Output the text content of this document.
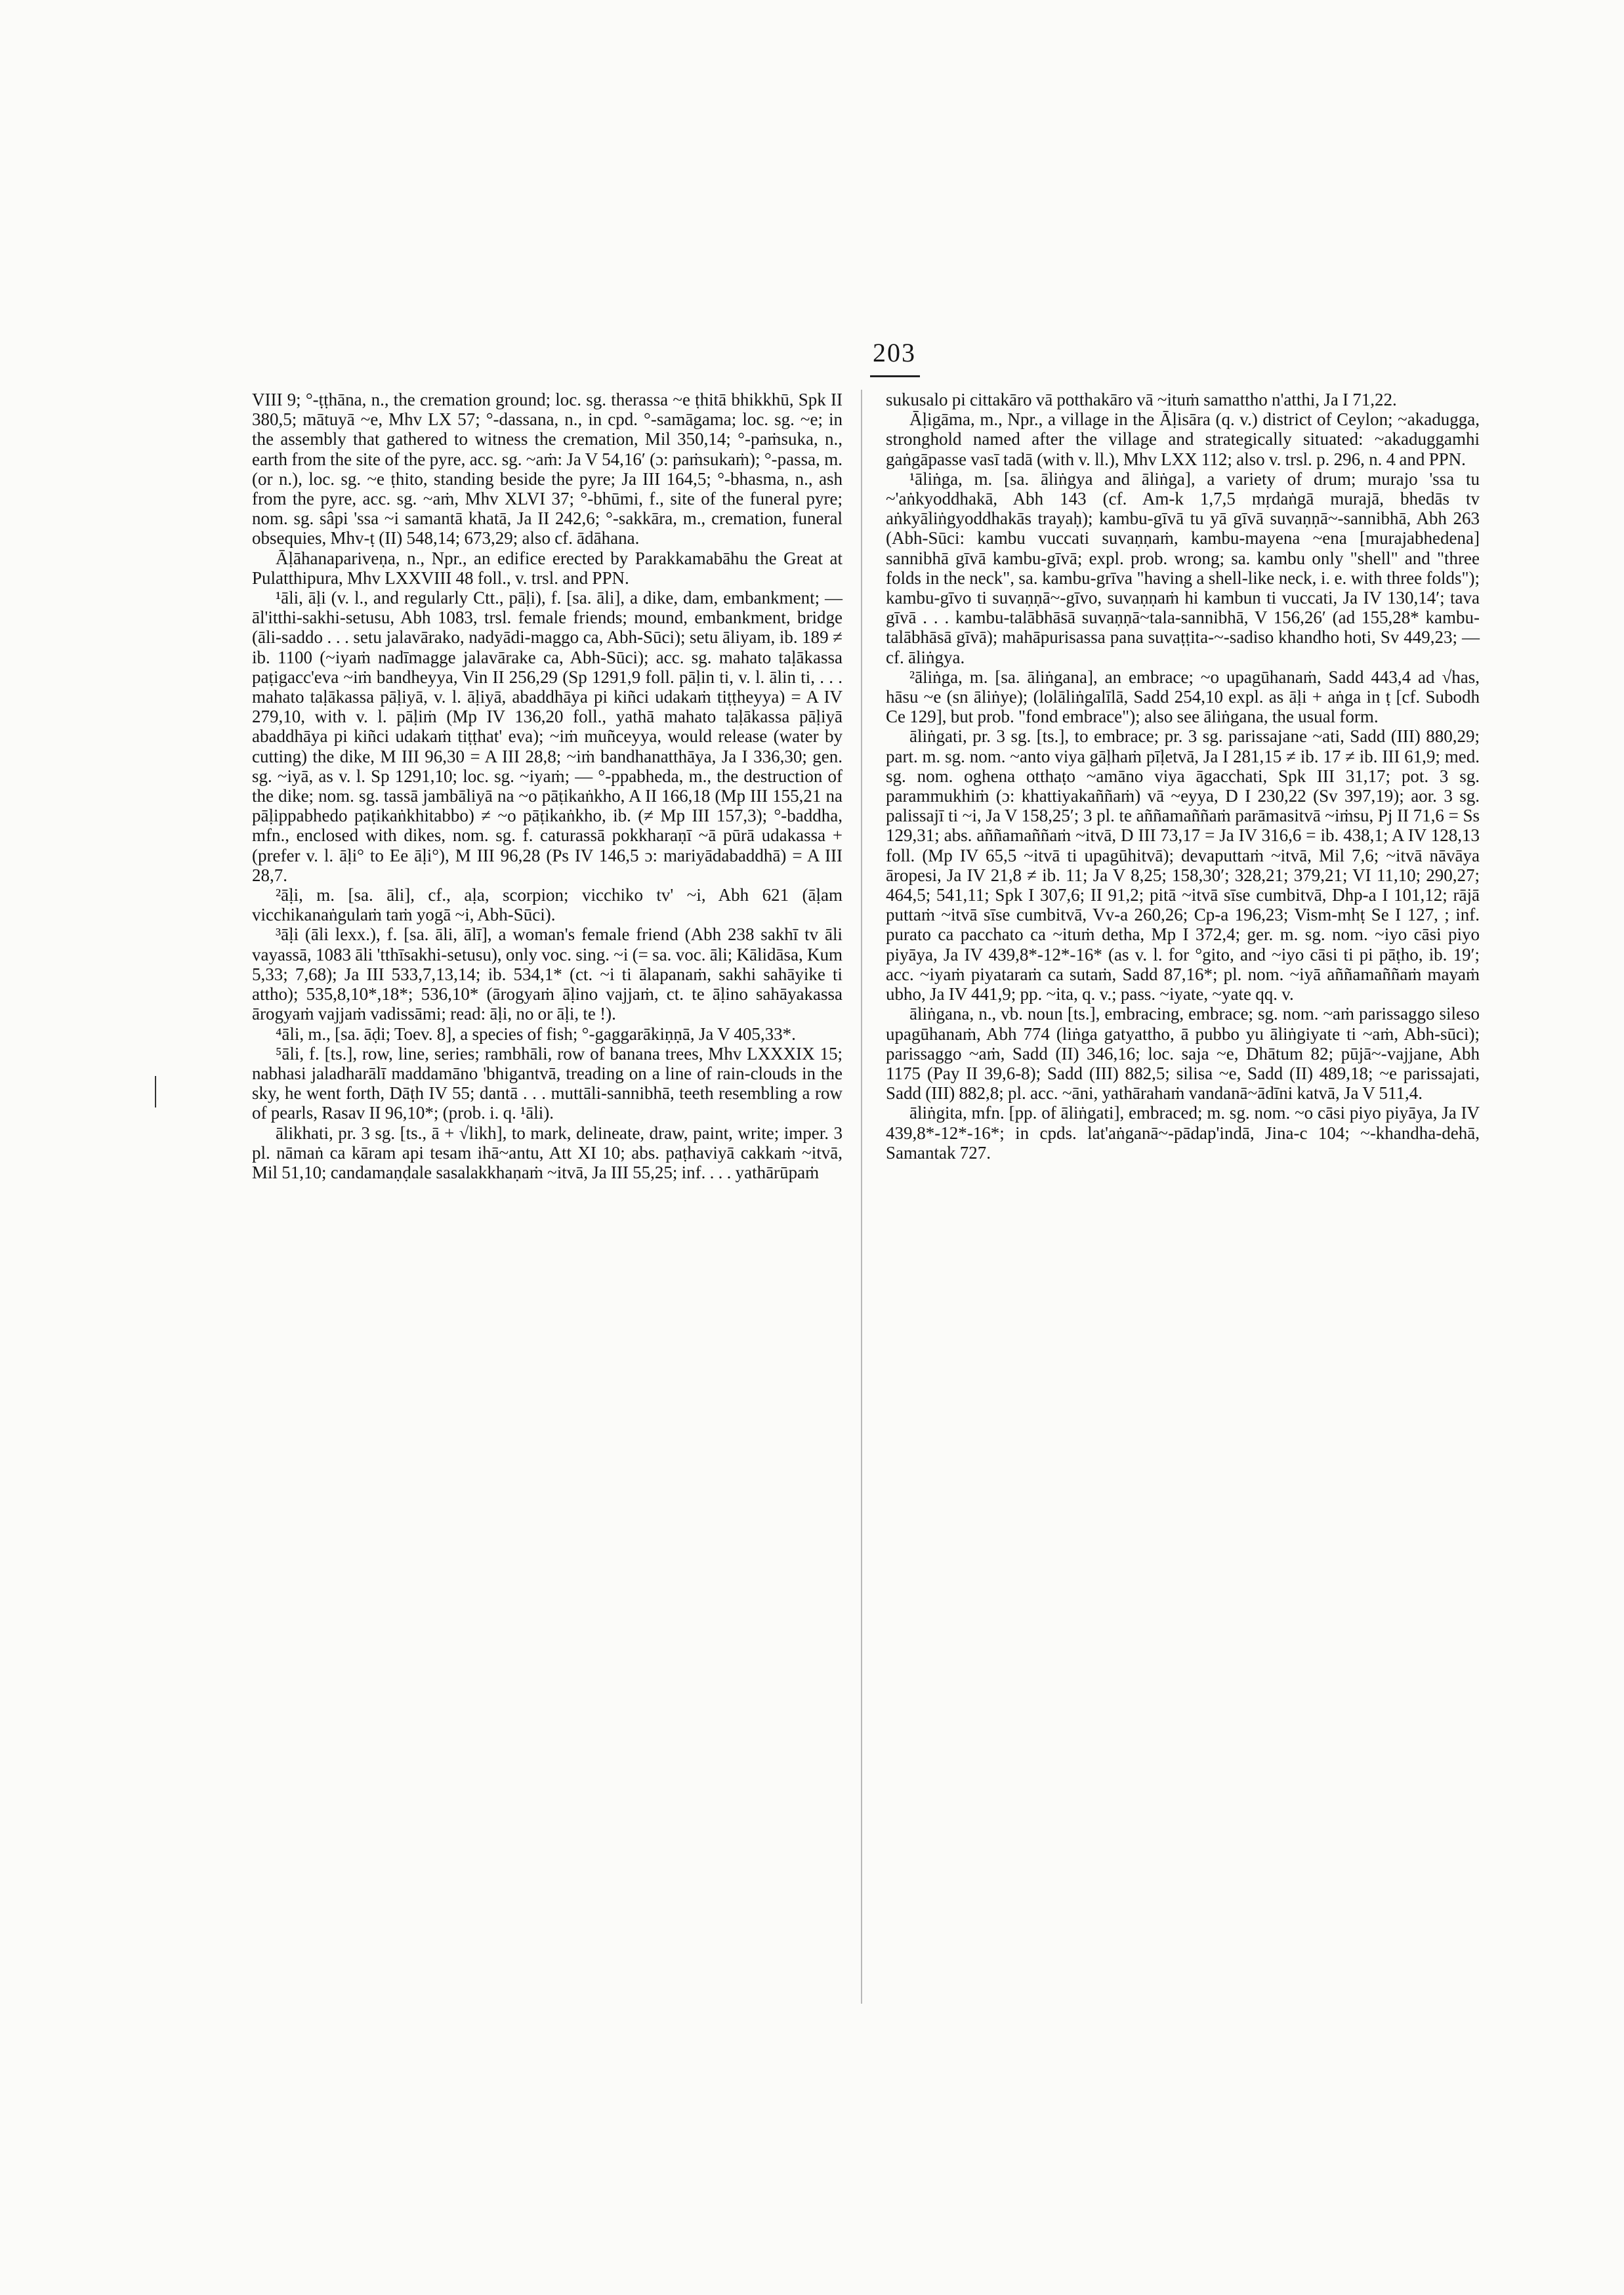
203

VIII 9; °-ṭṭhāna, n., the cremation ground; loc. sg. therassa ~e ṭhitā bhikkhū, Spk II 380,5; mātuyā ~e, Mhv LX 57; °-dassana, n., in cpd. °-samāgama; loc. sg. ~e; in the assembly that gathered to witness the cremation, Mil 350,14; °-paṁsuka, n., earth from the site of the pyre, acc. sg. ~aṁ: Ja V 54,16′ (ɔ: paṁsukaṁ); °-passa, m. (or n.), loc. sg. ~e ṭhito, standing beside the pyre; Ja III 164,5; °-bhasma, n., ash from the pyre, acc. sg. ~aṁ, Mhv XLVI 37; °-bhūmi, f., site of the funeral pyre; nom. sg. sâpi 'ssa ~i samantā khatā, Ja II 242,6; °-sakkāra, m., cremation, funeral obsequies, Mhv-ṭ (II) 548,14; 673,29; also cf. ādāhana.

Āḷāhanapariveṇa, n., Npr., an edifice erected by Parakkamabāhu the Great at Pulatthipura, Mhv LXXVIII 48 foll., v. trsl. and PPN.

¹āli, āḷi (v. l., and regularly Ctt., pāḷi), f. [sa. āli], a dike, dam, embankment; — āl'itthi-sakhi-setusu, Abh 1083, trsl. female friends; mound, embankment, bridge (āli-saddo . . . setu jalavārako, nadyādi-maggo ca, Abh-Sūci); setu āliyam, ib. 189 ≠ ib. 1100 (~iyaṁ nadīmagge jalavārake ca, Abh-Sūci); acc. sg. mahato taḷākassa paṭigacc'eva ~iṁ bandheyya, Vin II 256,29 (Sp 1291,9 foll. pāḷin ti, v. l. ālin ti, . . . mahato taḷākassa pāḷiyā, v. l. āḷiyā, abaddhāya pi kiñci udakaṁ tiṭṭheyya) = A IV 279,10, with v. l. pāḷiṁ (Mp IV 136,20 foll., yathā mahato taḷākassa pāḷiyā abaddhāya pi kiñci udakaṁ tiṭṭhat' eva); ~iṁ muñceyya, would release (water by cutting) the dike, M III 96,30 = A III 28,8; ~iṁ bandhanatthāya, Ja I 336,30; gen. sg. ~iyā, as v. l. Sp 1291,10; loc. sg. ~iyaṁ; — °-ppabheda, m., the destruction of the dike; nom. sg. tassā jambāliyā na ~o pāṭikaṅkho, A II 166,18 (Mp III 155,21 na pāḷippabhedo paṭikaṅkhitabbo) ≠ ~o pāṭikaṅkho, ib. (≠ Mp III 157,3); °-baddha, mfn., enclosed with dikes, nom. sg. f. caturassā pokkharaṇī ~ā pūrā udakassa + (prefer v. l. āḷi° to Ee āḷi°), M III 96,28 (Ps IV 146,5 ɔ: mariyādabaddhā) = A III 28,7.

²āḷi, m. [sa. āli], cf., aḷa, scorpion; vicchiko tv' ~i, Abh 621 (āḷam vicchikanaṅgulaṁ taṁ yogā ~i, Abh-Sūci).

³āḷi (āli lexx.), f. [sa. āli, ālī], a woman's female friend (Abh 238 sakhī tv āli vayassā, 1083 āli 'tthīsakhi-setusu), only voc. sing. ~i (= sa. voc. āli; Kālidāsa, Kum 5,33; 7,68); Ja III 533,7,13,14; ib. 534,1* (ct. ~i ti ālapanaṁ, sakhi sahāyike ti attho); 535,8,10*,18*; 536,10* (ārogyaṁ āḷino vajjaṁ, ct. te āḷino sahāyakassa ārogyaṁ vajjaṁ vadissāmi; read: āḷi, no or āḷi, te !).

⁴āli, m., [sa. āḍi; Toev. 8], a species of fish; °-gaggarākiṇṇā, Ja V 405,33*.

⁵āli, f. [ts.], row, line, series; rambhāli, row of banana trees, Mhv LXXXIX 15; nabhasi jaladharālī maddamāno 'bhigantvā, treading on a line of rain-clouds in the sky, he went forth, Dāṭh IV 55; dantā . . . muttāli-sannibhā, teeth resembling a row of pearls, Rasav II 96,10*; (prob. i. q. ¹āli).

ālikhati, pr. 3 sg. [ts., ā + √likh], to mark, delineate, draw, paint, write; imper. 3 pl. nāmaṅ ca kāram api tesam ihā~antu, Att XI 10; abs. paṭhaviyā cakkaṁ ~itvā, Mil 51,10; candamaṇḍale sasalakkhaṇaṁ ~itvā, Ja III 55,25; inf. . . . yathārūpaṁ

sukusalo pi cittakāro vā potthakāro vā ~ituṁ samattho n'atthi, Ja I 71,22.

Āḷigāma, m., Npr., a village in the Āḷisāra (q. v.) district of Ceylon; ~akaduggа, stronghold named after the village and strategically situated: ~akaduggamhi gaṅgāpasse vasī tadā (with v. ll.), Mhv LXX 112; also v. trsl. p. 296, n. 4 and PPN.

¹āliṅga, m. [sa. āliṅgya and āliṅga], a variety of drum; murajo 'ssa tu ~'aṅkyoddhakā, Abh 143 (cf. Am-k 1,7,5 mṛdaṅgā murajā, bhedās tv aṅkyāliṅgyoddhakās trayaḥ); kambu-gīvā tu yā gīvā suvaṇṇā~-sannibhā, Abh 263 (Abh-Sūci: kambu vuccati suvaṇṇaṁ, kambu-mayena ~ena [murajabhedena] sannibhā gīvā kambu-gīvā; expl. prob. wrong; sa. kambu only "shell" and "three folds in the neck", sa. kambu-grīva "having a shell-like neck, i. e. with three folds"); kambu-gīvo ti suvaṇṇā~-gīvo, suvaṇṇaṁ hi kambun ti vuccati, Ja IV 130,14′; tava gīvā . . . kambu-talābhāsā suvaṇṇā~tala-sannibhā, V 156,26′ (ad 155,28* kambu-talābhāsā gīvā); mahāpurisassa pana suvaṭṭita-~-sadiso khandho hoti, Sv 449,23; — cf. āliṅgya.

²āliṅga, m. [sa. āliṅgana], an embrace; ~o upagūhanaṁ, Sadd 443,4 ad √has, hāsu ~e (sn āliṅye); (lolāliṅgalīlā, Sadd 254,10 expl. as āḷi + aṅga in ṭ [cf. Subodh Ce 129], but prob. "fond embrace"); also see āliṅgana, the usual form.

āliṅgati, pr. 3 sg. [ts.], to embrace; pr. 3 sg. parissajane ~ati, Sadd (III) 880,29; part. m. sg. nom. ~anto viya gāḷhaṁ pīḷetvā, Ja I 281,15 ≠ ib. 17 ≠ ib. III 61,9; med. sg. nom. oghena otthaṭo ~amāno viya āgacchati, Spk III 31,17; pot. 3 sg. parammukhiṁ (ɔ: khattiyakaññaṁ) vā ~eyya, D I 230,22 (Sv 397,19); aor. 3 sg. palissajī ti ~i, Ja V 158,25′; 3 pl. te aññamaññaṁ parāmasitvā ~iṁsu, Pj II 71,6 = Ss 129,31; abs. aññamaññaṁ ~itvā, D III 73,17 = Ja IV 316,6 = ib. 438,1; A IV 128,13 foll. (Mp IV 65,5 ~itvā ti upagūhitvā); devaputtaṁ ~itvā, Mil 7,6; ~itvā nāvāya āropesi, Ja IV 21,8 ≠ ib. 11; Ja V 8,25; 158,30′; 328,21; 379,21; VI 11,10; 290,27; 464,5; 541,11; Spk I 307,6; II 91,2; pitā ~itvā sīse cumbitvā, Dhp-a I 101,12; rājā puttaṁ ~itvā sīse cumbitvā, Vv-a 260,26; Cp-a 196,23; Vism-mhṭ Se I 127, ; inf. purato ca pacchato ca ~ituṁ detha, Mp I 372,4; ger. m. sg. nom. ~iyo cāsi piyo piyāya, Ja IV 439,8*-12*-16* (as v. l. for °gito, and ~iyo cāsi ti pi pāṭho, ib. 19′; acc. ~iyaṁ piyataraṁ ca sutaṁ, Sadd 87,16*; pl. nom. ~iyā aññamaññaṁ mayaṁ ubho, Ja IV 441,9; pp. ~ita, q. v.; pass. ~iyate, ~yate qq. v.

āliṅgana, n., vb. noun [ts.], embracing, embrace; sg. nom. ~aṁ parissaggo sileso upagūhanaṁ, Abh 774 (liṅga gatyattho, ā pubbo yu āliṅgiyate ti ~aṁ, Abh-sūci); parissaggo ~aṁ, Sadd (II) 346,16; loc. saja ~e, Dhātum 82; pūjā~-vajjane, Abh 1175 (Pay II 39,6-8); Sadd (III) 882,5; silisa ~e, Sadd (II) 489,18; ~e parissajati, Sadd (III) 882,8; pl. acc. ~āni, yathārahaṁ vandanā~ādīni katvā, Ja V 511,4.

āliṅgita, mfn. [pp. of āliṅgati], embraced; m. sg. nom. ~o cāsi piyo piyāya, Ja IV 439,8*-12*-16*; in cpds. lat'aṅganā~-pādap'indā, Jina-c 104; ~-khandha-dehā, Samantak 727.
